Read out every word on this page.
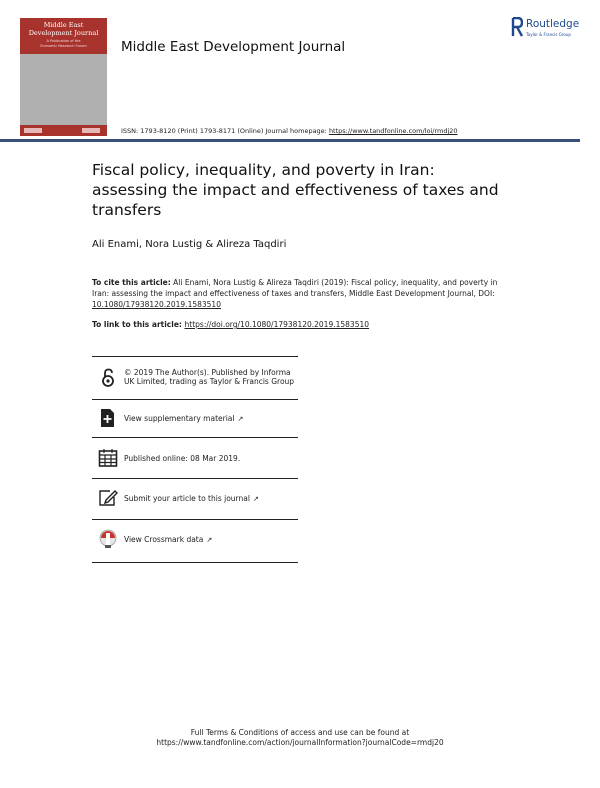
Middle East
Development Journal
A Publication of the
Economic Research Forum	Middle East Development Journal
Routledge
Taylor & Francis Group
ISSN: 1793-8120 (Print) 1793-8171 (Online) Journal homepage: https://www.tandfonline.com/loi/rmdj20
Fiscal policy, inequality, and poverty in Iran: assessing the impact and effectiveness of taxes and transfers
Ali Enami, Nora Lustig & Alireza Taqdiri
To cite this article: Ali Enami, Nora Lustig & Alireza Taqdiri (2019): Fiscal policy, inequality, and poverty in Iran: assessing the impact and effectiveness of taxes and transfers, Middle East Development Journal, DOI: 10.1080/17938120.2019.1583510
To link to this article: https://doi.org/10.1080/17938120.2019.1583510
© 2019 The Author(s). Published by Informa UK Limited, trading as Taylor & Francis Group
View supplementary material ↗
Published online: 08 Mar 2019.
Submit your article to this journal ↗
View Crossmark data ↗
Full Terms & Conditions of access and use can be found at
https://www.tandfonline.com/action/journalInformation?journalCode=rmdj20
